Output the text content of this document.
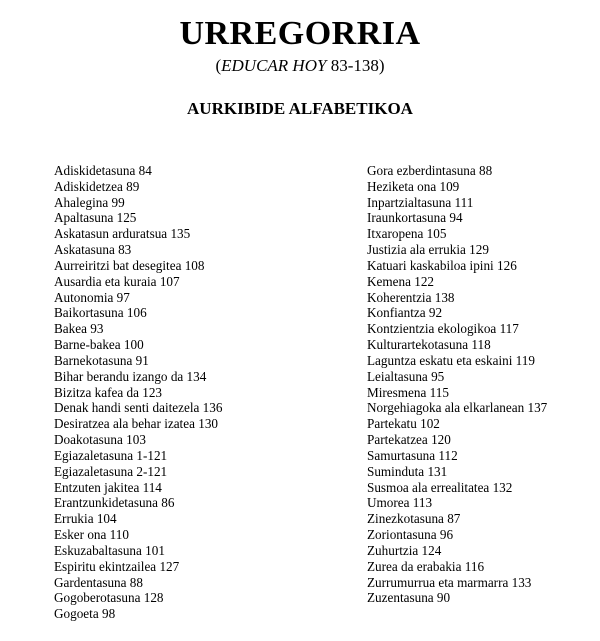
URREGORRIA
(EDUCAR HOY 83-138)
AURKIBIDE ALFABETIKOA
Adiskidetasuna 84
Adiskidetzea 89
Ahalegina 99
Apaltasuna 125
Askatasun arduratsua 135
Askatasuna 83
Aurreiritzi bat desegitea 108
Ausardia eta kuraia 107
Autonomia 97
Baikortasuna 106
Bakea 93
Barne-bakea 100
Barnekotasuna 91
Bihar berandu izango da 134
Bizitza kafea da 123
Denak handi senti daitezela 136
Desiratzea ala behar izatea 130
Doakotasuna 103
Egiazaletasuna 1-121
Egiazaletasuna 2-121
Entzuten jakitea 114
Erantzunkidetasuna 86
Errukia 104
Esker ona 110
Eskuzabaltasuna 101
Espiritu ekintzailea 127
Gardentasuna 88
Gogoberotasuna 128
Gogoeta 98
Gora ezberdintasuna 88
Heziketa ona 109
Inpartzialtasuna 111
Iraunkortasuna 94
Itxaropena 105
Justizia ala errukia 129
Katuari kaskabiloa ipini 126
Kemena 122
Koherentzia 138
Konfiantza 92
Kontzientzia ekologikoa 117
Kulturartekotasuna 118
Laguntza eskatu eta eskaini 119
Leialtasuna 95
Miresmena 115
Norgehiagoka ala elkarlanean 137
Partekatu 102
Partekatzea 120
Samurtasuna 112
Suminduta 131
Susmoa ala errealitatea 132
Umorea 113
Zinezkotasuna 87
Zoriontasuna 96
Zuhurtzia 124
Zurea da erabakia 116
Zurrumurrua eta marmarra 133
Zuzentasuna 90
